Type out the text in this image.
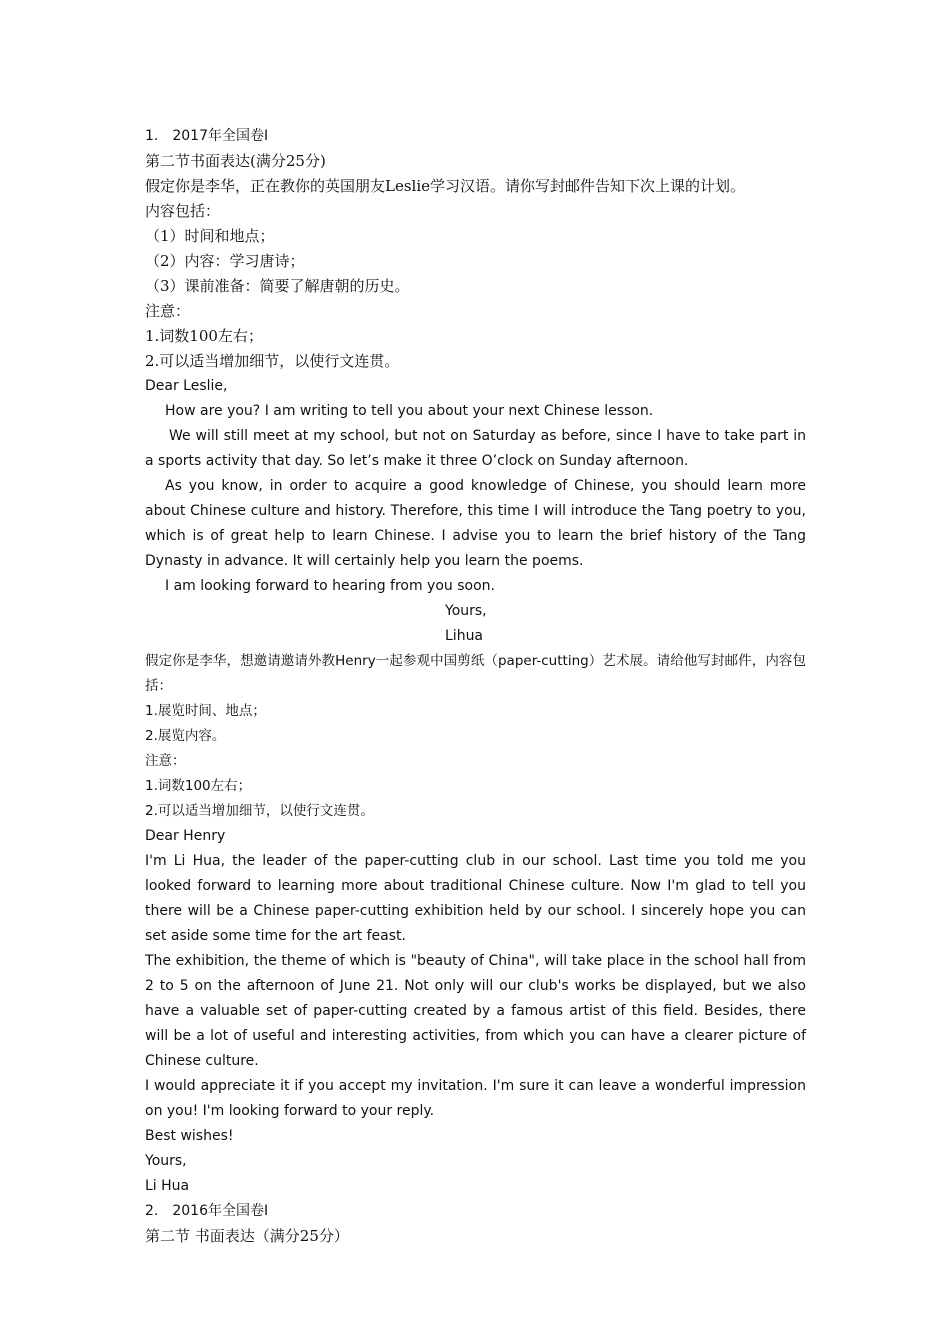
1.　2017年全国卷Ⅰ
第二节书面表达(满分25分)
假定你是李华，正在教你的英国朋友Leslie学习汉语。请你写封邮件告知下次上课的计划。
内容包括：
（1）时间和地点；
（2）内容：学习唐诗；
（3）课前准备：简要了解唐朝的历史。
注意：
1.词数100左右；
2.可以适当增加细节，以使行文连贯。
Dear Leslie,

How are you? I am writing to tell you about your next Chinese lesson.

We will still meet at my school, but not on Saturday as before, since I have to take part in a sports activity that day. So let’s make it three O’clock on Sunday afternoon.

As you know, in order to acquire a good knowledge of Chinese, you should learn more about Chinese culture and history. Therefore, this time I will introduce the Tang poetry to you, which is of great help to learn Chinese. I advise you to learn the brief history of the Tang Dynasty in advance. It will certainly help you learn the poems.

I am looking forward to hearing from you soon.

Yours,
Lihua

假定你是李华，想邀请邀请外教Henry一起参观中国剪纸（paper-cutting）艺术展。请给他写封邮件，内容包括：

1.展览时间、地点；
2.展览内容。
注意：
1.词数100左右；
2.可以适当增加细节，以使行文连贯。
Dear Henry

I'm Li Hua, the leader of the paper-cutting club in our school. Last time you told me you looked forward to learning more about traditional Chinese culture. Now I'm glad to tell you there will be a Chinese paper-cutting exhibition held by our school. I sincerely hope you can set aside some time for the art feast.

The exhibition, the theme of which is "beauty of China", will take place in the school hall from 2 to 5 on the afternoon of June 21. Not only will our club's works be displayed, but we also have a valuable set of paper-cutting created by a famous artist of this field. Besides, there will be a lot of useful and interesting activities, from which you can have a clearer picture of Chinese culture.

I would appreciate it if you accept my invitation. I'm sure it can leave a wonderful impression on you! I'm looking forward to your reply.

Best wishes!
Yours,
Li Hua
2.　2016年全国卷Ⅰ
第二节 书面表达（满分25分）
